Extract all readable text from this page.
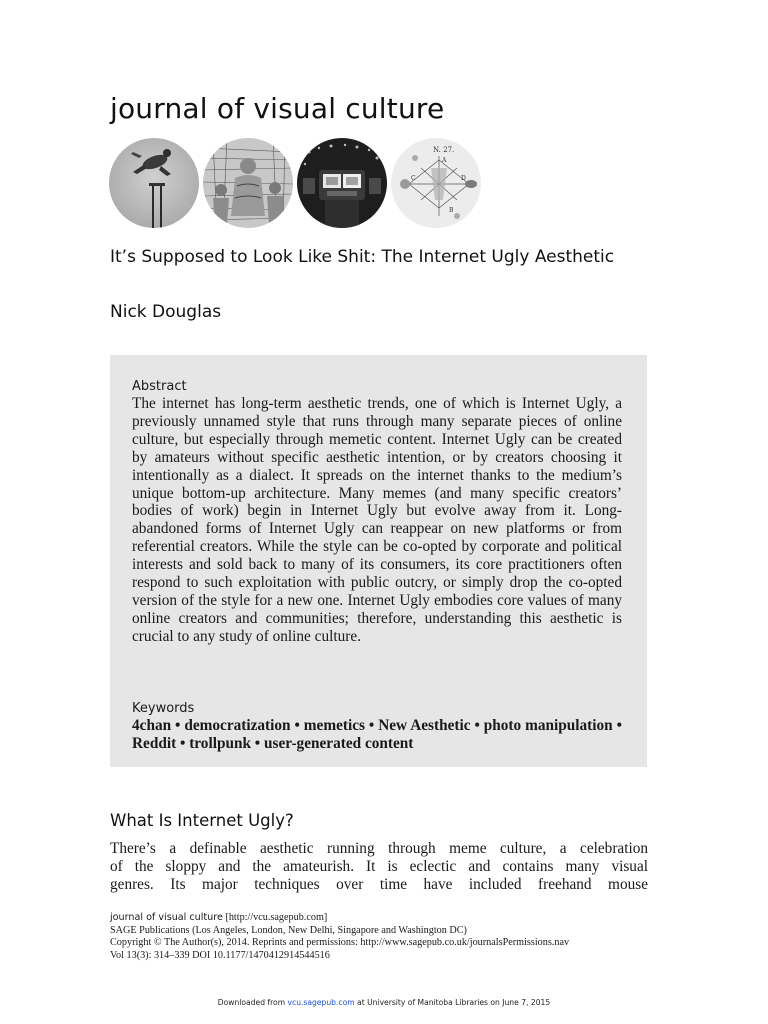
journal of visual culture
N. 27.
A
B
C	D
It’s Supposed to Look Like Shit: The Internet Ugly Aesthetic
Nick Douglas
Abstract
The internet has long-term aesthetic trends, one of which is Internet Ugly, a previously unnamed style that runs through many separate pieces of online culture, but especially through memetic content. Internet Ugly can be created by amateurs without specific aesthetic intention, or by creators choosing it intentionally as a dialect. It spreads on the internet thanks to the medium’s unique bottom-up architecture. Many memes (and many specific creators’ bodies of work) begin in Internet Ugly but evolve away from it. Long-abandoned forms of Internet Ugly can reappear on new platforms or from referential creators. While the style can be co-opted by corporate and political interests and sold back to many of its consumers, its core practitioners often respond to such exploitation with public outcry, or simply drop the co-opted version of the style for a new one. Internet Ugly embodies core values of many online creators and communities; therefore, understanding this aesthetic is crucial to any study of online culture.
Keywords
4chan • democratization • memetics • New Aesthetic • photo manipulation • Reddit • trollpunk • user-generated content
What Is Internet Ugly?

There’s a definable aesthetic running through meme culture, a celebration

of the sloppy and the amateurish. It is eclectic and contains many visual

genres. Its major techniques over time have included freehand mouse

journal of visual culture [http://vcu.sagepub.com]
SAGE Publications (Los Angeles, London, New Delhi, Singapore and Washington DC)
Copyright © The Author(s), 2014. Reprints and permissions: http://www.sagepub.co.uk/journalsPermissions.nav
Vol 13(3): 314–339 DOI 10.1177/1470412914544516
Downloaded from vcu.sagepub.com at University of Manitoba Libraries on June 7, 2015
